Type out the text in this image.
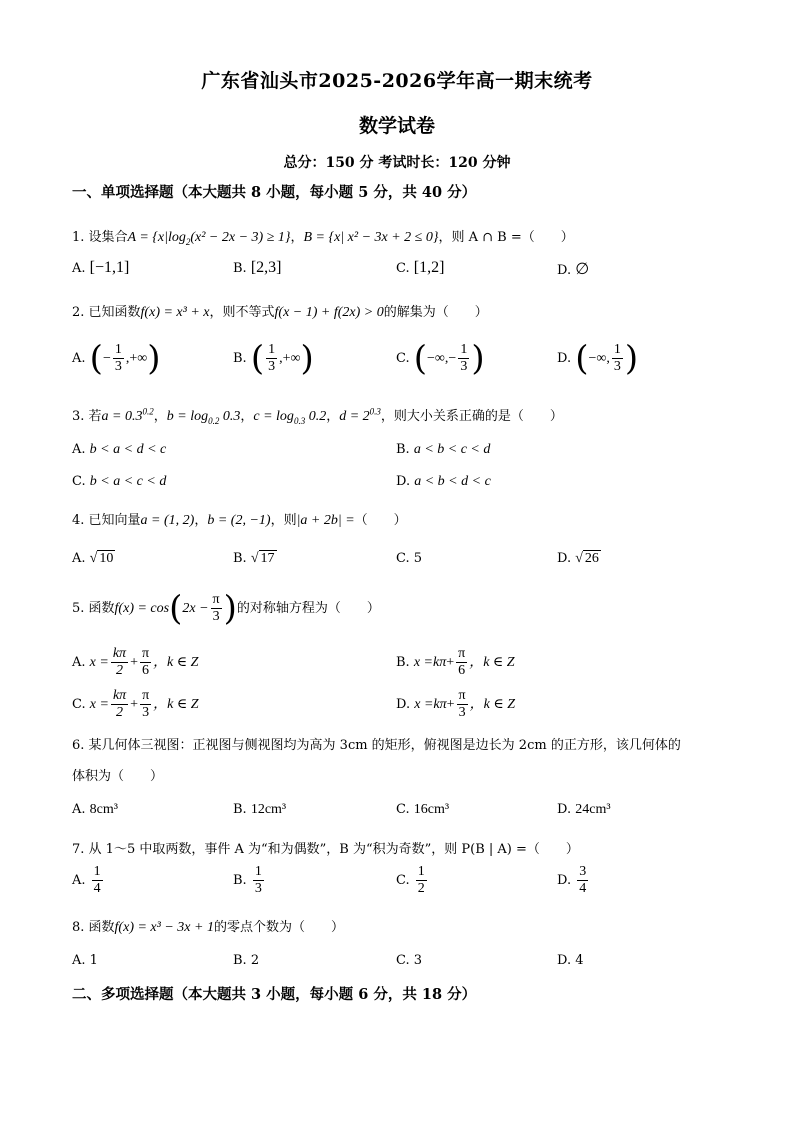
广东省汕头市2025-2026学年高一期末统考
数学试卷
总分：150 分 考试时长：120 分钟
一、单项选择题（本大题共 8 小题，每小题 5 分，共 40 分）
1. 设集合$A = \{x|\log_2(x^2 - 2x - 3) \ge 1\}$，B = {x| x² − 3x + 2 ≤ 0}，则 A ∩ B =（　　）
A. [−1,1]	B. [2,3]	C. [1,2]	D. ∅
2. 已知函数f(x) = x³ + x，则不等式f(x − 1) + f(2x) > 0的解集为（　　）
A. (− $\frac{1}{3}$ ,+∞)	B. ( $\frac{1}{3}$ ,+∞)	C. (−∞,− $\frac{1}{3}$ )	D. (−∞, $\frac{1}{3}$ )
3. 若$a = 0.3^{0.2}$，$b = \log_{0.2} 0.3$，$c = \log_{0.3} 0.2$，$d = 2^{0.3}$，则大小关系正确的是（　　）
A. b < a < d < c	B. a < b < c < d
C. b < a < c < d	D. a < b < d < c
4. 已知向量a = (1, 2)，b = (2, −1)，则|a + 2b| =（　　）
A. √ 10	B. √ 17	C. 5	D. √ 26
5. 函数$f(x) = \cos(2x - \frac{\pi}{3}$ )的对称轴方程为（　　）
A. $x = \frac{k\pi}{2} + \frac{\pi}{6}$ ，k ∈ Z	B. $x =k\pi+ \frac{\pi}{6}$ ，k ∈ Z
C. $x = \frac{k\pi}{2} + \frac{\pi}{3}$ ，k ∈ Z	D. $x =k\pi+ \frac{\pi}{3}$ ，k ∈ Z
6. 某几何体三视图：正视图与侧视图均为高为 3cm 的矩形，俯视图是边长为 2cm 的正方形，该几何体的
体积为（　　）
A. 8cm³	B. 12cm³	C. 16cm³	D. 24cm³
7. 从 1～5 中取两数，事件 A 为“和为偶数”，B 为“积为奇数”，则 P(B | A) =（　　）
A. $\frac{1}{4}$	B. $\frac{1}{3}$	C. $\frac{1}{2}$	D. $\frac{3}{4}$
8. 函数f(x) = x³ − 3x + 1的零点个数为（　　）
A. 1	B. 2	C. 3	D. 4
二、多项选择题（本大题共 3 小题，每小题 6 分，共 18 分）
